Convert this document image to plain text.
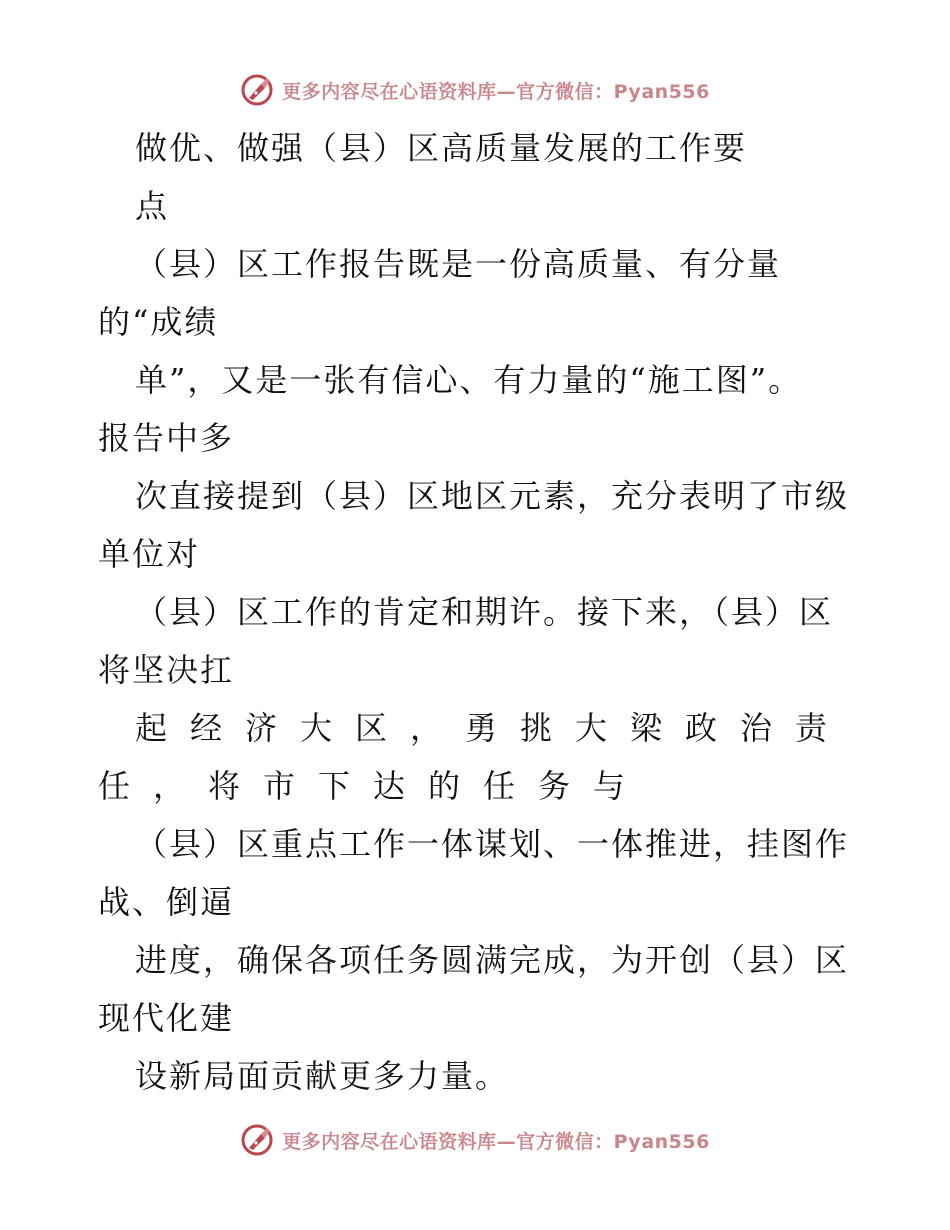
更多内容尽在心语资料库—官方微信：Pyan556
做优、做强（县）区高质量发展的工作要
点
（县）区工作报告既是一份高质量、有分量
的“成绩
单”，又是一张有信心、有力量的“施工图”。
报告中多
次直接提到（县）区地区元素，充分表明了市级
单位对
（县）区工作的肯定和期许。接下来，（县）区
将坚决扛
起经济大区，勇挑大梁政治责
任，将市下达的任务与
（县）区重点工作一体谋划、一体推进，挂图作
战、倒逼
进度，确保各项任务圆满完成，为开创（县）区
现代化建
设新局面贡献更多力量。
更多内容尽在心语资料库—官方微信：Pyan556
